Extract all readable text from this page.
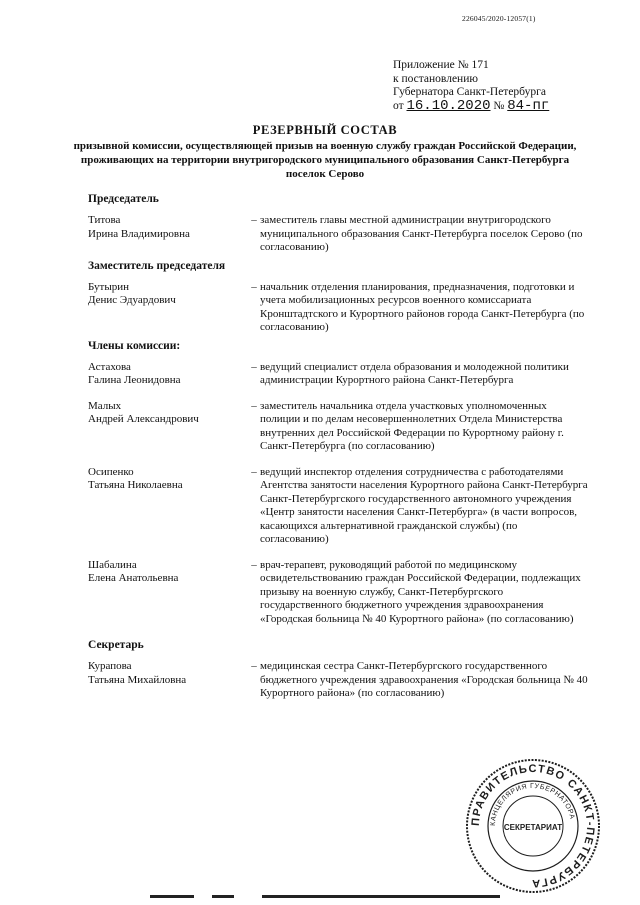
226045/2020-12057(1)
Приложение № 171
к постановлению
Губернатора Санкт-Петербурга
от 16.10.2020 № 84-пг
РЕЗЕРВНЫЙ СОСТАВ
призывной комиссии, осуществляющей призыв на военную службу граждан Российской Федерации, проживающих на территории внутригородского муниципального образования Санкт-Петербурга поселок Серово
Председатель
Титова
Ирина Владимировна
– заместитель главы местной администрации внутригородского муниципального образования Санкт-Петербурга поселок Серово (по согласованию)
Заместитель председателя
Бутырин
Денис Эдуардович
– начальник отделения планирования, предназначения, подготовки и учета мобилизационных ресурсов военного комиссариата Кронштадтского и Курортного районов города Санкт-Петербурга (по согласованию)
Члены комиссии:
Астахова
Галина Леонидовна
– ведущий специалист отдела образования и молодежной политики администрации Курортного района Санкт-Петербурга
Малых
Андрей Александрович
– заместитель начальника отдела участковых уполномоченных полиции и по делам несовершеннолетних Отдела Министерства внутренних дел Российской Федерации по Курортному району г. Санкт-Петербурга (по согласованию)
Осипенко
Татьяна Николаевна
– ведущий инспектор отделения сотрудничества с работодателями Агентства занятости населения Курортного района Санкт-Петербурга Санкт-Петербургского государственного автономного учреждения «Центр занятости населения Санкт-Петербурга» (в части вопросов, касающихся альтернативной гражданской службы) (по согласованию)
Шабалина
Елена Анатольевна
– врач-терапевт, руководящий работой по медицинскому освидетельствованию граждан Российской Федерации, подлежащих призыву на военную службу, Санкт-Петербургского государственного бюджетного учреждения здравоохранения «Городская больница № 40 Курортного района» (по согласованию)
Секретарь
Курапова
Татьяна Михайловна
– медицинская сестра Санкт-Петербургского государственного бюджетного учреждения здравоохранения «Городская больница № 40 Курортного района» (по согласованию)
ПРАВИТЕЛЬСТВО САНКТ-ПЕТЕРБУРГА
КАНЦЕЛЯРИЯ ГУБЕРНАТОРА
СЕКРЕТАРИАТ
